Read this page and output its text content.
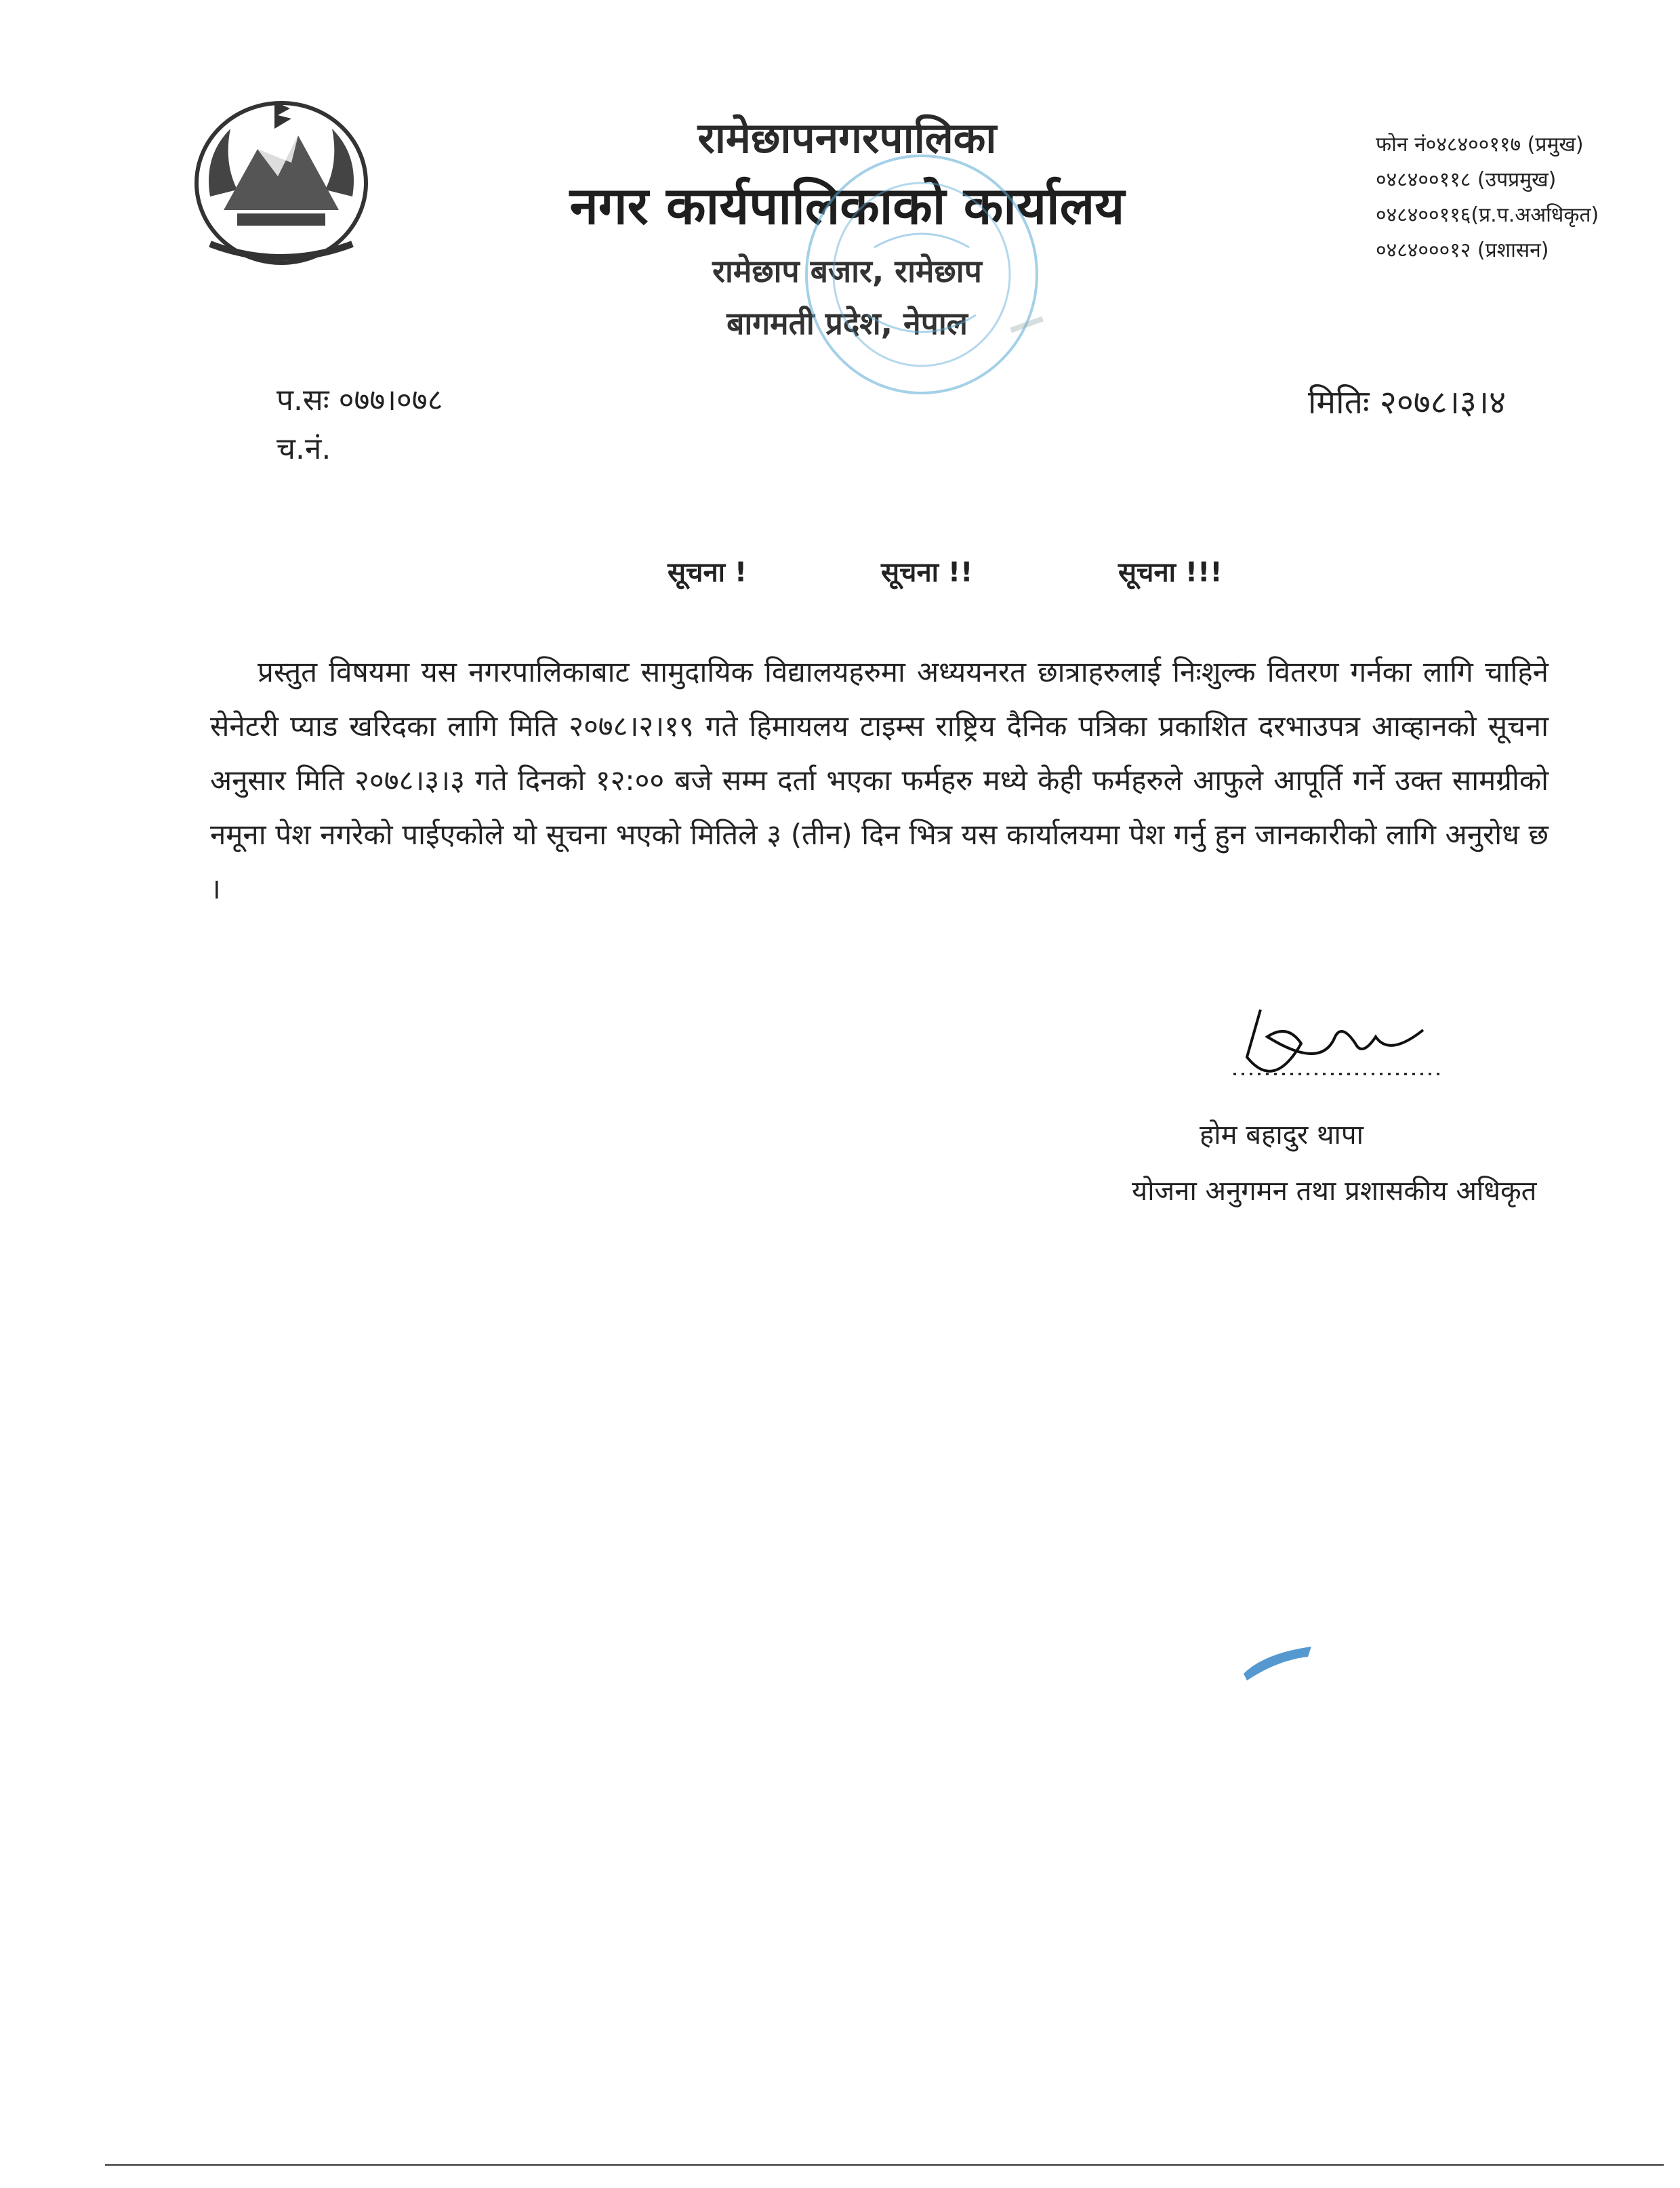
रामेछापनगरपालिका
नगर कार्यपालिकाको कार्यालय
रामेछाप बजार, रामेछाप
बागमती प्रदेश, नेपाल
फोन नं०४८४००११७ (प्रमुख)
०४८४००११८ (उपप्रमुख)
०४८४००११६(प्र.प.अअधिकृत)
०४८४०००१२ (प्रशासन)
प.सः ०७७।०७८
च.नं.
मितिः २०७८।३।४
सूचना !	सूचना !!	सूचना !!!
प्रस्तुत विषयमा यस नगरपालिकाबाट सामुदायिक विद्यालयहरुमा अध्ययनरत छात्राहरुलाई निःशुल्क वितरण गर्नका लागि चाहिने सेनेटरी प्याड खरिदका लागि मिति २०७८।२।१९ गते हिमायलय टाइम्स राष्ट्रिय दैनिक पत्रिका प्रकाशित दरभाउपत्र आव्हानको सूचना अनुसार मिति २०७८।३।३ गते दिनको १२:०० बजे सम्म दर्ता भएका फर्महरु मध्ये केही फर्महरुले आफुले आपूर्ति गर्ने उक्त सामग्रीको नमूना पेश नगरेको पाईएकोले यो सूचना भएको मितिले ३ (तीन) दिन भित्र यस कार्यालयमा पेश गर्नु हुन जानकारीको लागि अनुरोध छ ।
होम बहादुर थापा
योजना अनुगमन तथा प्रशासकीय अधिकृत
